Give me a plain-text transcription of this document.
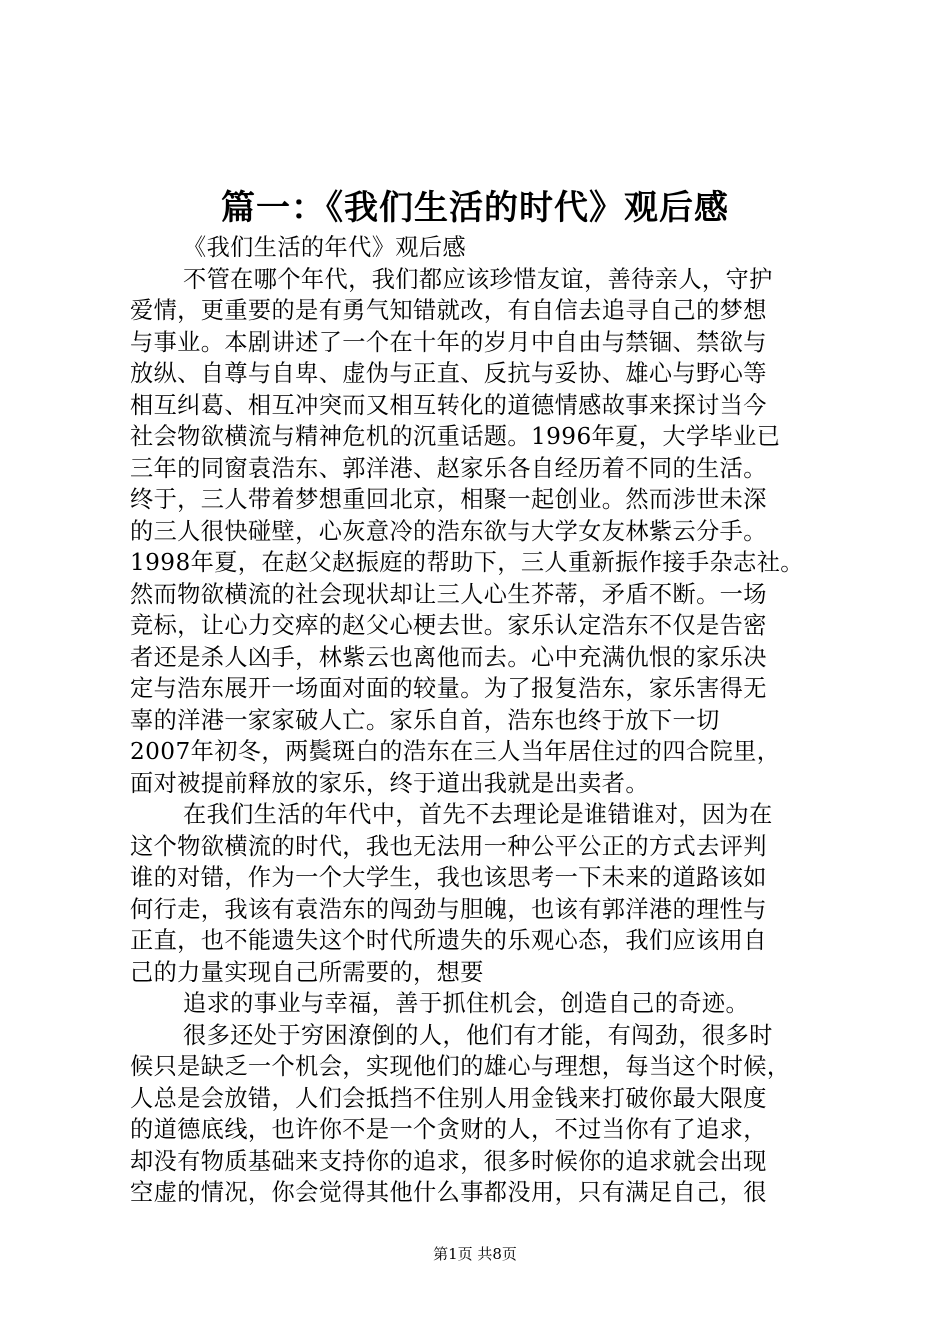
篇一：《我们生活的时代》观后感
《我们生活的年代》观后感
不管在哪个年代，我们都应该珍惜友谊，善待亲人，守护
爱情，更重要的是有勇气知错就改，有自信去追寻自己的梦想
与事业。本剧讲述了一个在十年的岁月中自由与禁锢、禁欲与
放纵、自尊与自卑、虚伪与正直、反抗与妥协、雄心与野心等
相互纠葛、相互冲突而又相互转化的道德情感故事来探讨当今
社会物欲横流与精神危机的沉重话题。1996年夏，大学毕业已
三年的同窗袁浩东、郭洋港、赵家乐各自经历着不同的生活。
终于，三人带着梦想重回北京，相聚一起创业。然而涉世未深
的三人很快碰壁，心灰意冷的浩东欲与大学女友林紫云分手。
1998年夏，在赵父赵振庭的帮助下，三人重新振作接手杂志社。
然而物欲横流的社会现状却让三人心生芥蒂，矛盾不断。一场
竞标，让心力交瘁的赵父心梗去世。家乐认定浩东不仅是告密
者还是杀人凶手，林紫云也离他而去。心中充满仇恨的家乐决
定与浩东展开一场面对面的较量。为了报复浩东，家乐害得无
辜的洋港一家家破人亡。家乐自首，浩东也终于放下一切
2007年初冬，两鬓斑白的浩东在三人当年居住过的四合院里，
面对被提前释放的家乐，终于道出我就是出卖者。
在我们生活的年代中，首先不去理论是谁错谁对，因为在
这个物欲横流的时代，我也无法用一种公平公正的方式去评判
谁的对错，作为一个大学生，我也该思考一下未来的道路该如
何行走，我该有袁浩东的闯劲与胆魄，也该有郭洋港的理性与
正直，也不能遗失这个时代所遗失的乐观心态，我们应该用自
己的力量实现自己所需要的，想要
追求的事业与幸福，善于抓住机会，创造自己的奇迹。
很多还处于穷困潦倒的人，他们有才能，有闯劲，很多时
候只是缺乏一个机会，实现他们的雄心与理想，每当这个时候，
人总是会放错，人们会抵挡不住别人用金钱来打破你最大限度
的道德底线，也许你不是一个贪财的人，不过当你有了追求，
却没有物质基础来支持你的追求，很多时候你的追求就会出现
空虚的情况，你会觉得其他什么事都没用，只有满足自己，很
第1页 共8页
